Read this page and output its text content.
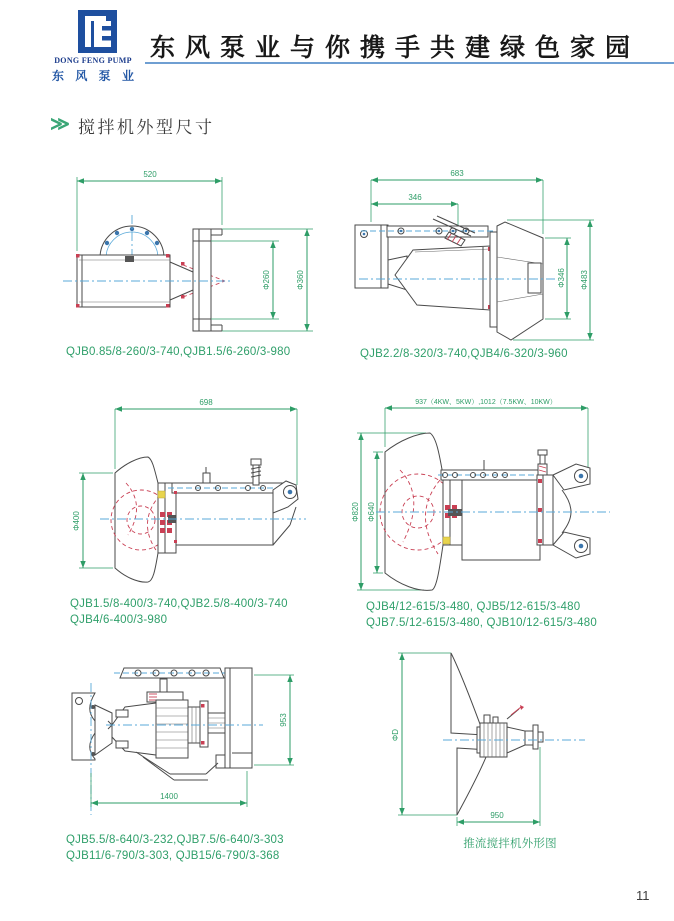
DONG FENG PUMP
东 风 泵 业
东风泵业与你携手共建绿色家园
≫ 搅拌机外型尺寸
520
Φ260	Φ360
QJB0.85/8-260/3-740,QJB1.5/6-260/3-980
683
346
Φ346 Φ483
QJB2.2/8-320/3-740,QJB4/6-320/3-960
698
Φ400
QJB1.5/8-400/3-740,QJB2.5/8-400/3-740
QJB4/6-400/3-980
937（4KW、5KW）,1012（7.5KW、10KW）
Φ820 Φ640
QJB4/12-615/3-480, QJB5/12-615/3-480
QJB7.5/12-615/3-480, QJB10/12-615/3-480
953
1400
QJB5.5/8-640/3-232,QJB7.5/6-640/3-303
QJB11/6-790/3-303, QJB15/6-790/3-368
ΦD
950
推流搅拌机外形图
11
